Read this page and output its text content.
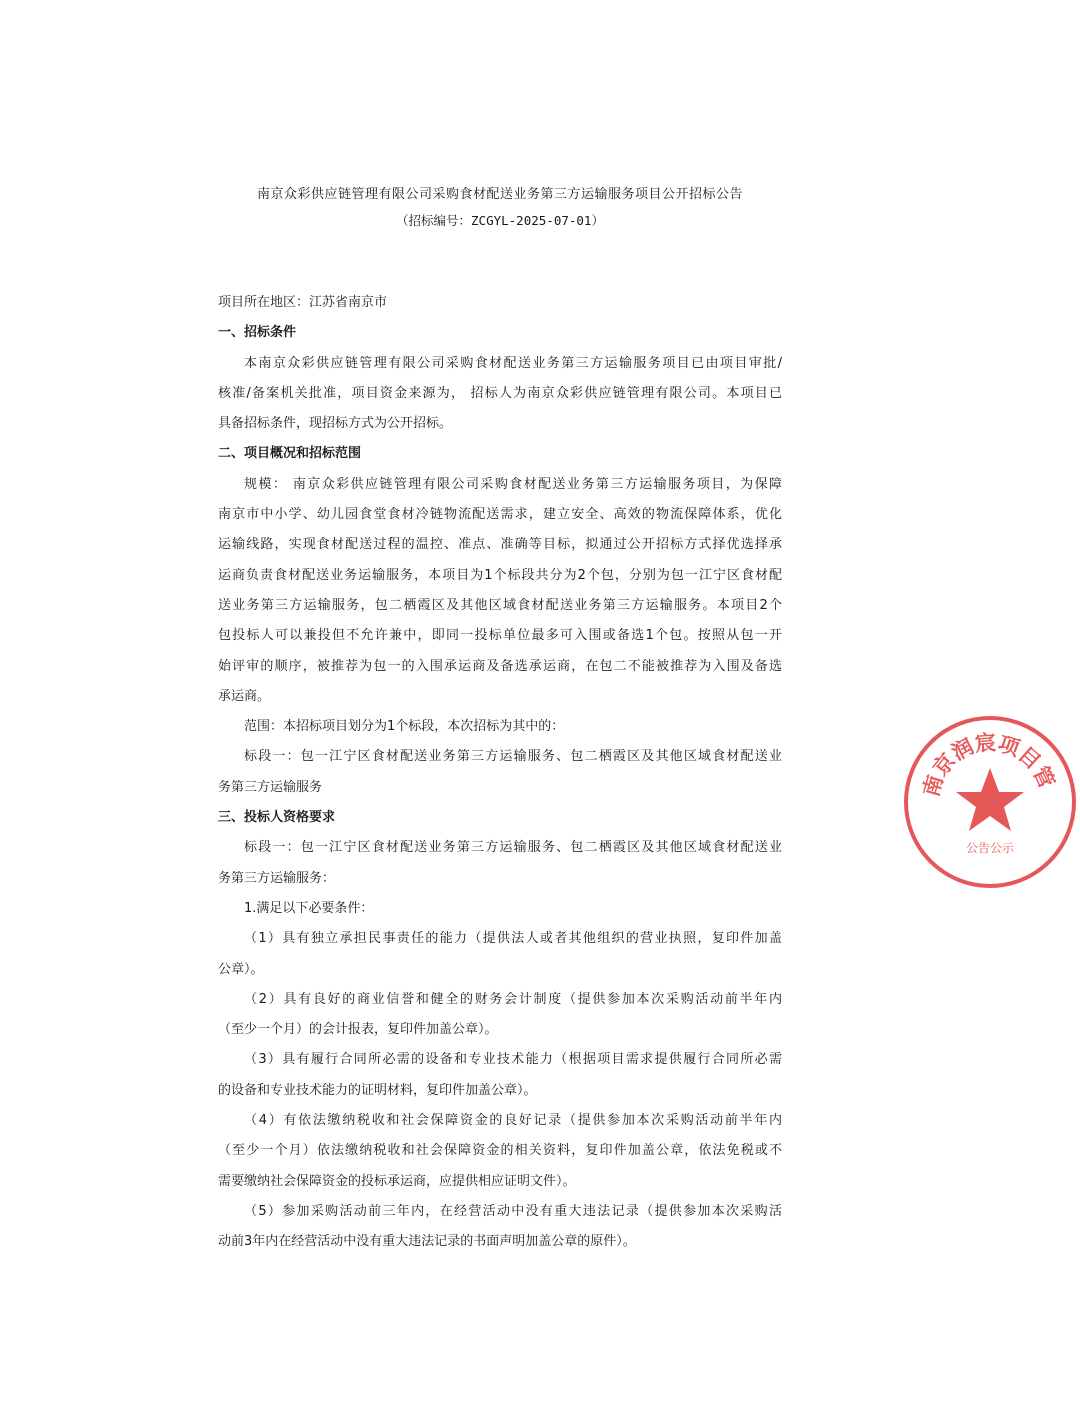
南京众彩供应链管理有限公司采购食材配送业务第三方运输服务项目公开招标公告
（招标编号：ZCGYL-2025-07-01）
项目所在地区：江苏省南京市
一、招标条件
本南京众彩供应链管理有限公司采购食材配送业务第三方运输服务项目已由项目审批/
核准/备案机关批准，项目资金来源为， 招标人为南京众彩供应链管理有限公司。本项目已
具备招标条件，现招标方式为公开招标。
二、项目概况和招标范围
规模： 南京众彩供应链管理有限公司采购食材配送业务第三方运输服务项目，为保障
南京市中小学、幼儿园食堂食材冷链物流配送需求，建立安全、高效的物流保障体系，优化
运输线路，实现食材配送过程的温控、准点、准确等目标，拟通过公开招标方式择优选择承
运商负责食材配送业务运输服务，本项目为1个标段共分为2个包，分别为包一江宁区食材配
送业务第三方运输服务，包二栖霞区及其他区域食材配送业务第三方运输服务。本项目2个
包投标人可以兼投但不允许兼中，即同一投标单位最多可入围或备选1个包。按照从包一开
始评审的顺序，被推荐为包一的入围承运商及备选承运商，在包二不能被推荐为入围及备选
承运商。
范围：本招标项目划分为1个标段，本次招标为其中的：
标段一：包一江宁区食材配送业务第三方运输服务、包二栖霞区及其他区域食材配送业
务第三方运输服务
三、投标人资格要求
标段一：包一江宁区食材配送业务第三方运输服务、包二栖霞区及其他区域食材配送业
务第三方运输服务：
1.满足以下必要条件：
（1）具有独立承担民事责任的能力（提供法人或者其他组织的营业执照，复印件加盖
公章）。
（2）具有良好的商业信誉和健全的财务会计制度（提供参加本次采购活动前半年内
（至少一个月）的会计报表，复印件加盖公章）。
（3）具有履行合同所必需的设备和专业技术能力（根据项目需求提供履行合同所必需
的设备和专业技术能力的证明材料，复印件加盖公章）。
（4）有依法缴纳税收和社会保障资金的良好记录（提供参加本次采购活动前半年内
（至少一个月）依法缴纳税收和社会保障资金的相关资料，复印件加盖公章，依法免税或不
需要缴纳社会保障资金的投标承运商，应提供相应证明文件）。
（5）参加采购活动前三年内，在经营活动中没有重大违法记录（提供参加本次采购活
动前3年内在经营活动中没有重大违法记录的书面声明加盖公章的原件）。
南京润宸项目管
公告公示
